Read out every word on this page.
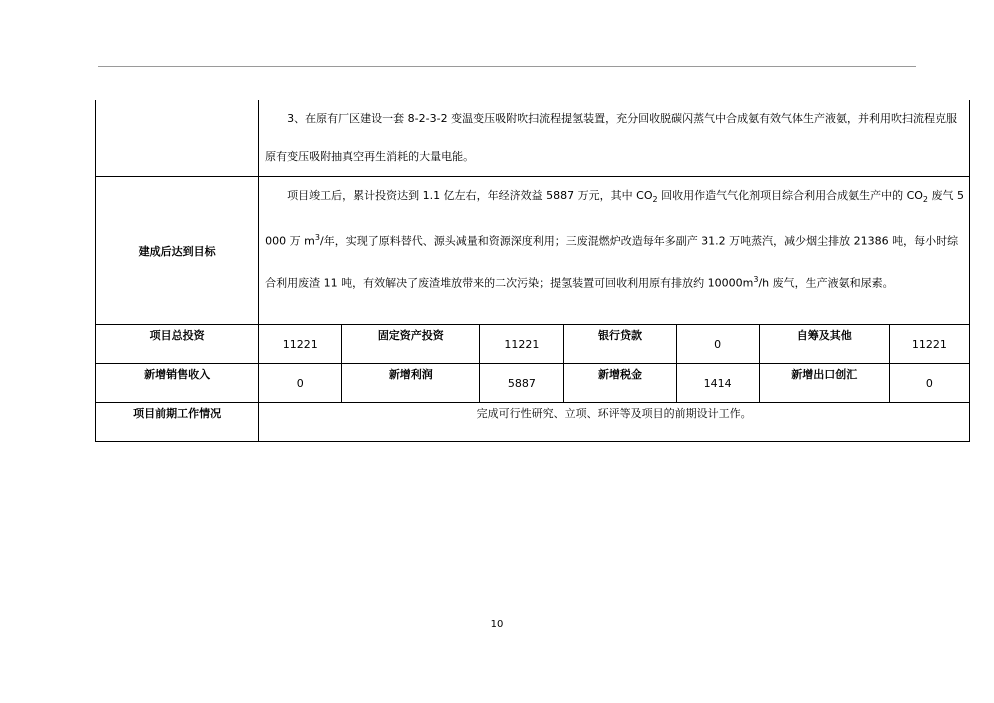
	3、在原有厂区建设一套 8-2-3-2 变温变压吸附吹扫流程提氢装置，充分回收脱碳闪蒸气中合成氨有效气体生产液氨，并利用吹扫流程克服原有变压吸附抽真空再生消耗的大量电能。						

建成后达到目标	项目竣工后，累计投资达到 1.1 亿左右，年经济效益 5887 万元，其中 $CO_2$ 回收用作造气气化剂项目综合利用合成氨生产中的 $CO_2$ 废气 5000 万 $m^3/$年，实现了原料替代、源头减量和资源深度利用；三废混燃炉改造每年多副产 31.2 万吨蒸汽，减少烟尘排放 21386 吨，每小时综合利用废渣 11 吨，有效解决了废渣堆放带来的二次污染；提氢装置可回收利用原有排放约 $10000m^3/h$ 废气，生产液氨和尿素。						

项目总投资	11221	固定资产投资	11221	银行贷款	0	自筹及其他	11221
新增销售收入	0	新增利润	5887	新增税金	1414	新增出口创汇	0
项目前期工作情况	完成可行性研究、立项、环评等及项目的前期设计工作。						
10
